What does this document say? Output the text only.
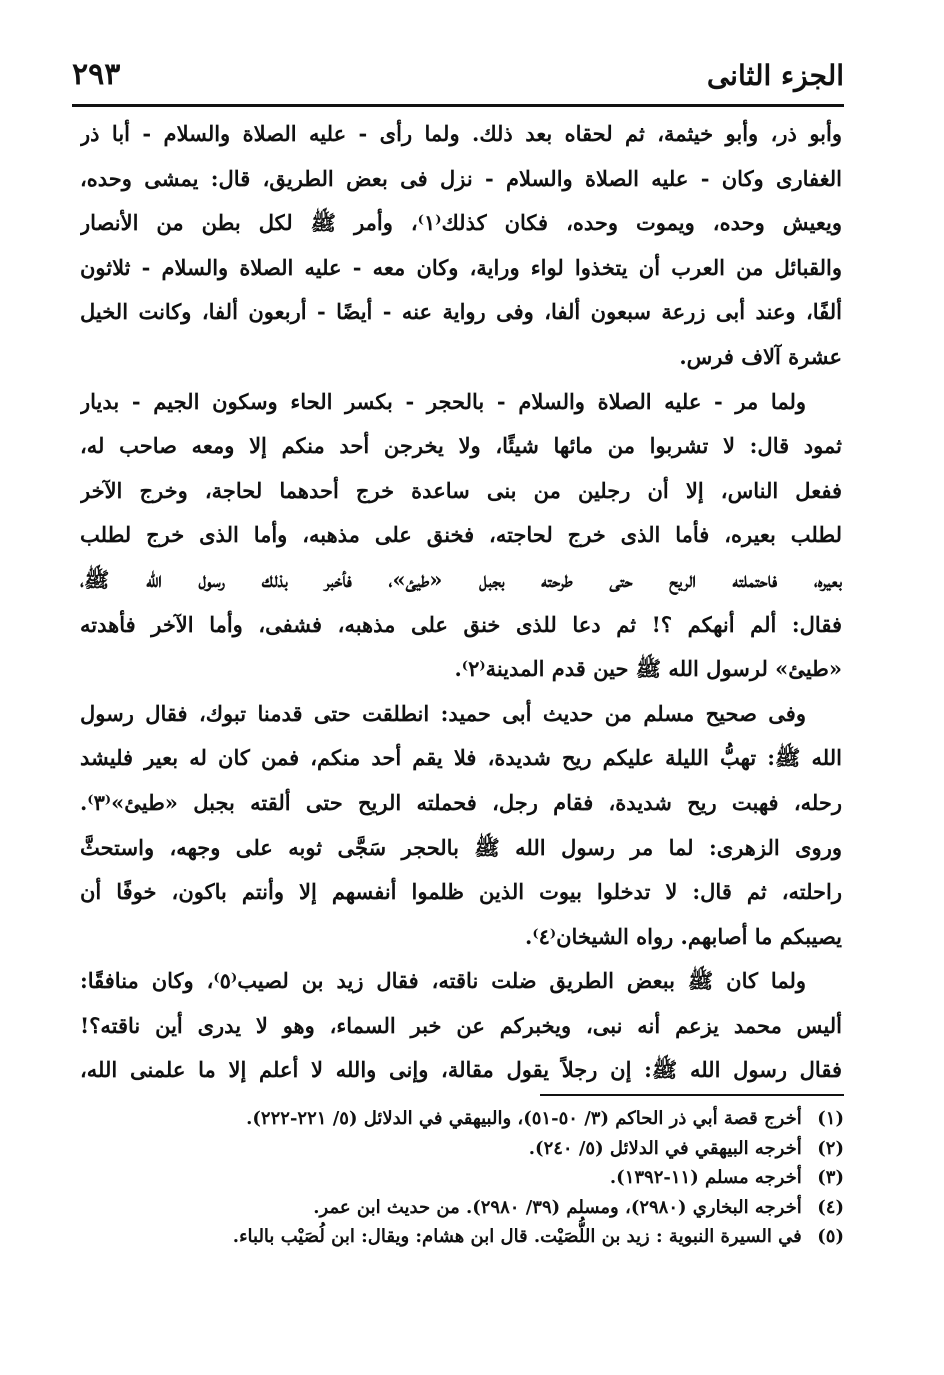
الجزء الثانى
٢٩٣
وأبو ذر، وأبو خيثمة، ثم لحقاه بعد ذلك. ولما رأى - عليه الصلاة والسلام - أبا ذر
الغفارى وكان - عليه الصلاة والسلام - نزل فى بعض الطريق، قال: يمشى وحده،
ويعيش وحده، ويموت وحده، فكان كذلك⁽١⁾، وأمر ﷺ لكل بطن من الأنصار
والقبائل من العرب أن يتخذوا لواء وراية، وكان معه - عليه الصلاة والسلام - ثلاثون
ألفًا، وعند أبى زرعة سبعون ألفا، وفى رواية عنه - أيضًا - أربعون ألفا، وكانت الخيل
عشرة آلاف فرس.
ولما مر - عليه الصلاة والسلام - بالحجر - بكسر الحاء وسكون الجيم - بديار
ثمود قال: لا تشربوا من مائها شيئًا، ولا يخرجن أحد منكم إلا ومعه صاحب له،
ففعل الناس، إلا أن رجلين من بنى ساعدة خرج أحدهما لحاجة، وخرج الآخر
لطلب بعيره، فأما الذى خرج لحاجته، فخنق على مذهبه، وأما الذى خرج لطلب
بعيره، فاحتملته الريح حتى طرحته بجبل «طيئ»، فأخبر بذلك رسول الله ﷺ،
فقال: ألم أنهكم ؟! ثم دعا للذى خنق على مذهبه، فشفى، وأما الآخر فأهدته
«طيئ» لرسول الله ﷺ حين قدم المدينة⁽٢⁾.
وفى صحيح مسلم من حديث أبى حميد: انطلقت حتى قدمنا تبوك، فقال رسول
الله ﷺ: تهبُّ الليلة عليكم ريح شديدة، فلا يقم أحد منكم، فمن كان له بعير فليشد
رحله، فهبت ريح شديدة، فقام رجل، فحملته الريح حتى ألقته بجبل «طيئ»⁽٣⁾.
وروى الزهرى: لما مر رسول الله ﷺ بالحجر سَجَّى ثوبه على وجهه، واستحثَّ
راحلته، ثم قال: لا تدخلوا بيوت الذين ظلموا أنفسهم إلا وأنتم باكون، خوفًا أن
يصيبكم ما أصابهم. رواه الشيخان⁽٤⁾.
ولما كان ﷺ ببعض الطريق ضلت ناقته، فقال زيد بن لصيب⁽٥⁾، وكان منافقًا:
أليس محمد يزعم أنه نبى، ويخبركم عن خبر السماء، وهو لا يدرى أين ناقته؟!
فقال رسول الله ﷺ: إن رجلاً يقول مقالة، وإنى والله لا أعلم إلا ما علمنى الله،
(١) أخرج قصة أبي ذر الحاكم (٣/ ٥٠-٥١)، والبيهقي في الدلائل (٥/ ٢٢١-٢٢٢).
(٢) أخرجه البيهقي في الدلائل (٥/ ٢٤٠).
(٣) أخرجه مسلم (١١-١٣٩٢).
(٤) أخرجه البخاري (٢٩٨٠)، ومسلم (٣٩/ ٢٩٨٠). من حديث ابن عمر.
(٥) في السيرة النبوية : زيد بن اللُّصَيْت. قال ابن هشام: ويقال: ابن لُصَيْب بالباء.
